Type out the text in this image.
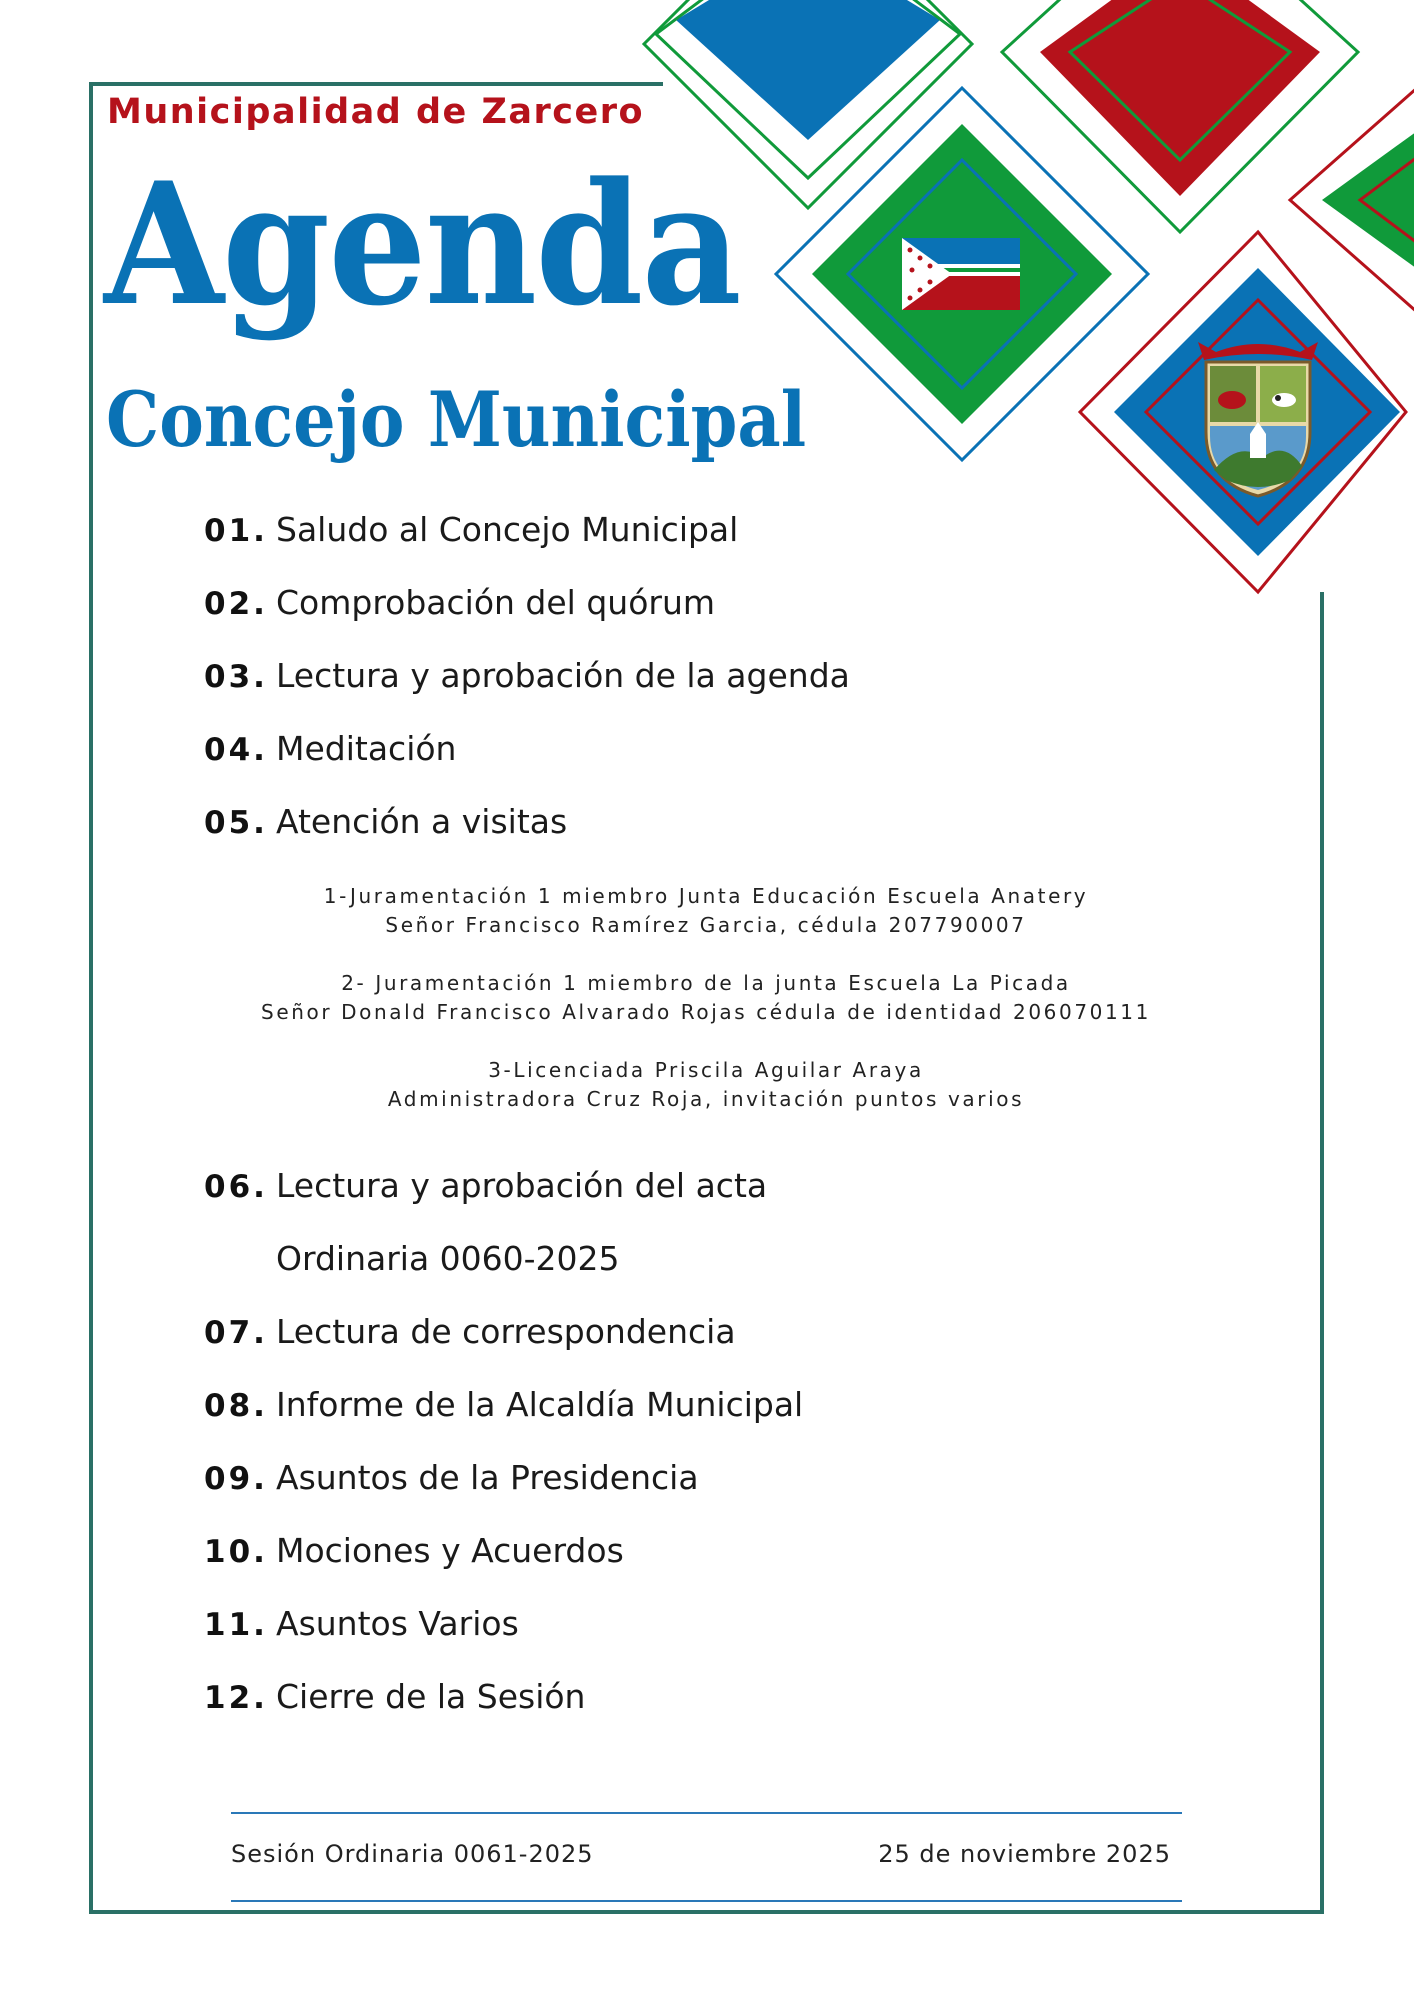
Municipalidad de Zarcero
Agenda
Concejo Municipal
01. Saludo al Concejo Municipal
02. Comprobación del quórum
03. Lectura y aprobación de la agenda
04. Meditación
05. Atención a visitas
06. Lectura y aprobación del acta
Ordinaria 0060-2025
07. Lectura de correspondencia
08. Informe de la Alcaldía Municipal
09. Asuntos de la Presidencia
10. Mociones y Acuerdos
11. Asuntos Varios
12. Cierre de la Sesión
1-Juramentación 1 miembro Junta Educación Escuela Anatery
Señor Francisco Ramírez Garcia, cédula 207790007
2- Juramentación 1 miembro de la junta Escuela La Picada
Señor Donald Francisco Alvarado Rojas cédula de identidad 206070111
3-Licenciada Priscila Aguilar Araya
Administradora Cruz Roja, invitación puntos varios
Sesión Ordinaria 0061-2025	25 de noviembre 2025
